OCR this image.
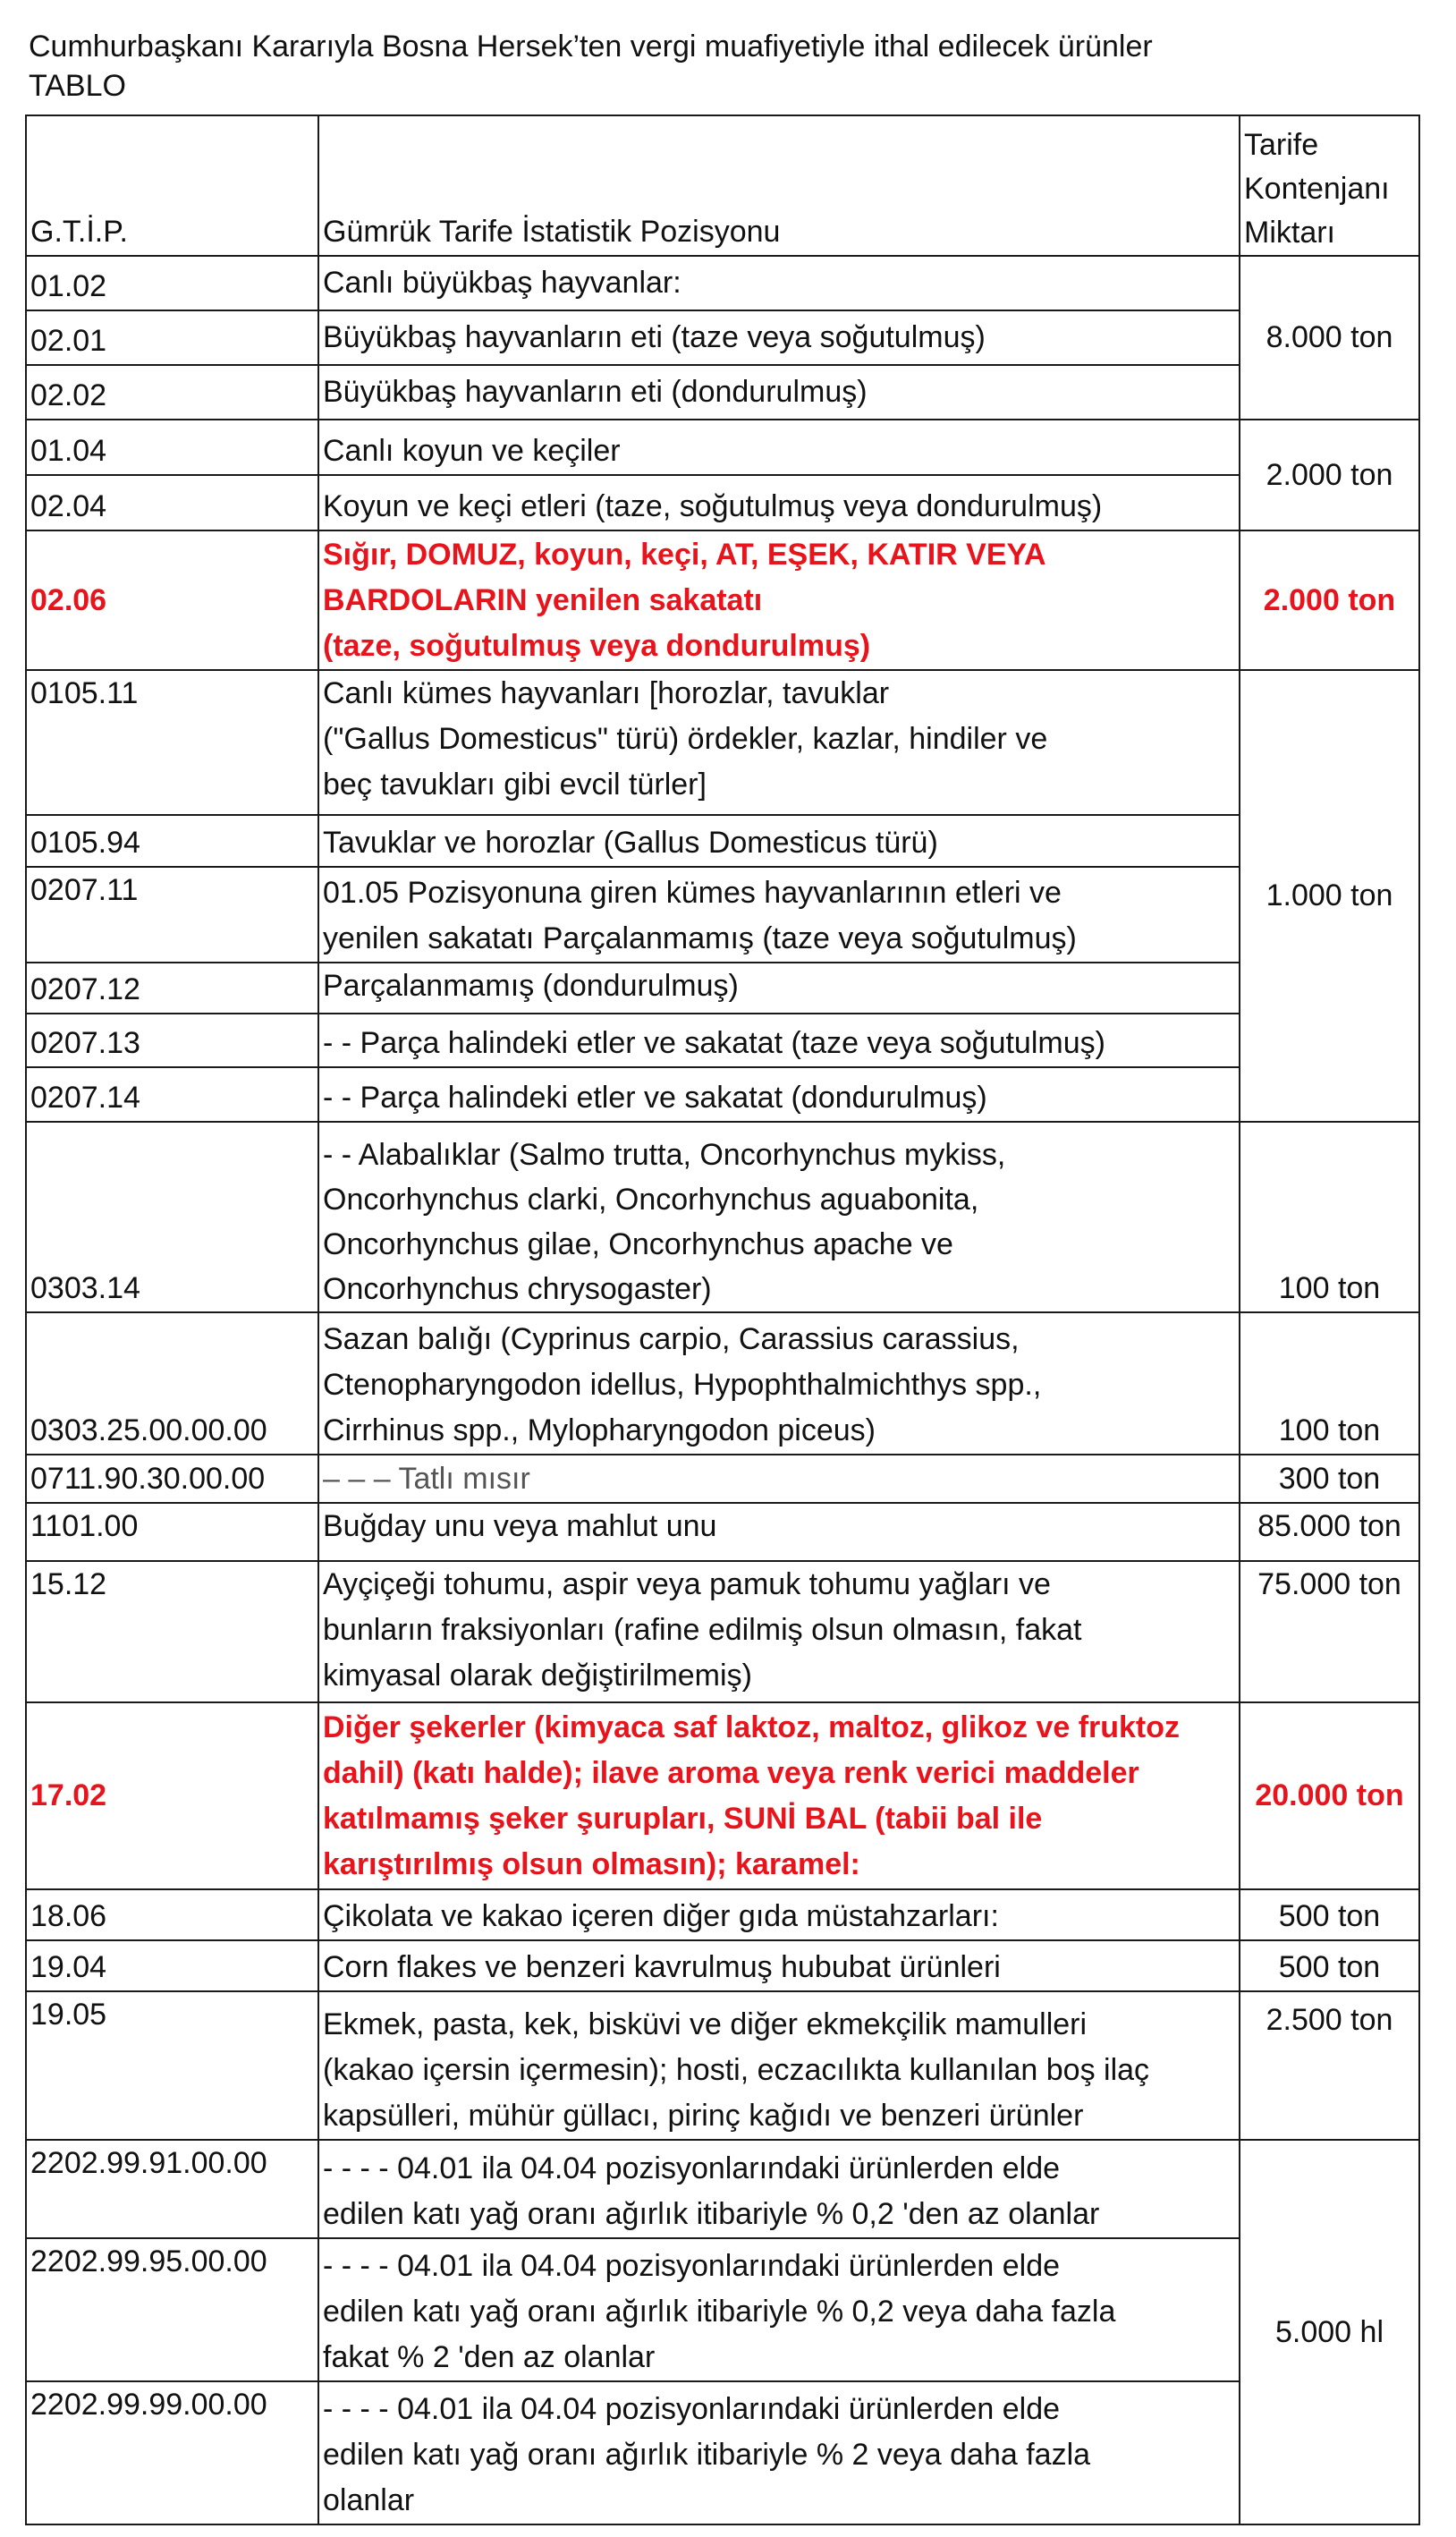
Cumhurbaşkanı Kararıyla Bosna Hersek’ten vergi muafiyetiyle ithal edilecek ürünler
TABLO
G.T.İ.P.	Gümrük Tarife İstatistik Pozisyonu	Tarife
Kontenjanı
Miktarı

01.02	Canlı büyükbaş hayvanlar:	8.000 ton
02.01	Büyükbaş hayvanların eti (taze veya soğutulmuş)	
02.02	Büyükbaş hayvanların eti (dondurulmuş)	
01.04	Canlı koyun ve keçiler	2.000 ton
02.04	Koyun ve keçi etleri (taze, soğutulmuş veya dondurulmuş)	
02.06	Sığır, DOMUZ, koyun, keçi, AT, EŞEK, KATIR VEYA
BARDOLARIN yenilen sakatatı
(taze, soğutulmuş veya dondurulmuş)	2.000 ton
0105.11	Canlı kümes hayvanları [horozlar, tavuklar
("Gallus Domesticus" türü) ördekler, kazlar, hindiler ve
beç tavukları gibi evcil türler]	1.000 ton
0105.94	Tavuklar ve horozlar (Gallus Domesticus türü)	
0207.11	01.05 Pozisyonuna giren kümes hayvanlarının etleri ve
yenilen sakatatı Parçalanmamış (taze veya soğutulmuş)	

0207.12	Parçalanmamış (dondurulmuş)	
0207.13	- - Parça halindeki etler ve sakatat (taze veya soğutulmuş)	
0207.14	- - Parça halindeki etler ve sakatat (dondurulmuş)	
0303.14	- - Alabalıklar (Salmo trutta, Oncorhynchus mykiss,
Oncorhynchus clarki, Oncorhynchus aguabonita,
Oncorhynchus gilae, Oncorhynchus apache ve
Oncorhynchus chrysogaster)	100 ton
0303.25.00.00.00	Sazan balığı (Cyprinus carpio, Carassius carassius,
Ctenopharyngodon idellus, Hypophthalmichthys spp.,
Cirrhinus spp., Mylopharyngodon piceus)	100 ton
0711.90.30.00.00	– – – Tatlı mısır	300 ton
1101.00	Buğday unu veya mahlut unu	85.000 ton
15.12	Ayçiçeği tohumu, aspir veya pamuk tohumu yağları ve
bunların fraksiyonları (rafine edilmiş olsun olmasın, fakat
kimyasal olarak değiştirilmemiş)	75.000 ton
17.02	Diğer şekerler (kimyaca saf laktoz, maltoz, glikoz ve fruktoz
dahil) (katı halde); ilave aroma veya renk verici maddeler
katılmamış şeker şurupları, SUNİ BAL (tabii bal ile
karıştırılmış olsun olmasın); karamel:	20.000 ton
18.06	Çikolata ve kakao içeren diğer gıda müstahzarları:	500 ton
19.04	Corn flakes ve benzeri kavrulmuş hububat ürünleri	500 ton
19.05	Ekmek, pasta, kek, bisküvi ve diğer ekmekçilik mamulleri
(kakao içersin içermesin); hosti, eczacılıkta kullanılan boş ilaç
kapsülleri, mühür güllacı, pirinç kağıdı ve benzeri ürünler	2.500 ton
2202.99.91.00.00	- - - - 04.01 ila 04.04 pozisyonlarındaki ürünlerden elde
edilen katı yağ oranı ağırlık itibariyle % 0,2 'den az olanlar	5.000 hl
2202.99.95.00.00	- - - - 04.01 ila 04.04 pozisyonlarındaki ürünlerden elde
edilen katı yağ oranı ağırlık itibariyle % 0,2 veya daha fazla
fakat % 2 'den az olanlar	

2202.99.99.00.00	- - - - 04.01 ila 04.04 pozisyonlarındaki ürünlerden elde
edilen katı yağ oranı ağırlık itibariyle % 2 veya daha fazla
olanlar	
